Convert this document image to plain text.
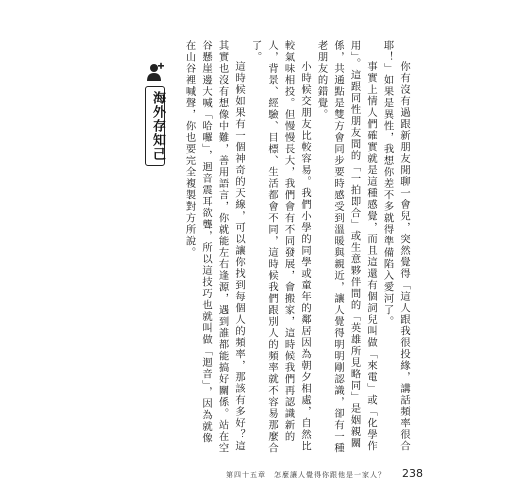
海外存知己	你有沒有過跟新朋友閒聊一會兒，突然覺得「這人跟我很投緣，講話頻率很合耶！」如果是異性，我想你差不多就得準備陷入愛河了。

事實上情人們確實就是這種感覺，而且這還有個詞兒叫做「來電」或「化學作用」。這跟同性朋友間的「一拍即合」或生意夥伴間的「英雄所見略同」是姻親關係，共通點是雙方會同步要時感受到溫暖與親近，讓人覺得明明剛認識，卻有一種老朋友的錯覺。

小時候交朋友比較容易。我們小學的同學或童年的鄰居因為朝夕相處，自然比較氣味相投。但慢慢長大，我們會有不同發展，會搬家，這時候我們再認識新的人，背景、經驗、目標、生活都會不同，這時候我們跟別人的頻率就不容易那麼合了。

這時候如果有一個神奇的天線，可以讓你找到每個人的頻率，那該有多好？這其實也沒有想像中難，善用語言，你就能左右逢源，遇到誰都能搞好關係。站在空谷懸崖邊大喊「哈囉」，迴音震耳欲聾，所以這技巧也就叫做「迴音」，因為就像在山谷裡喊聲，你也要完全複製對方所說。

第四十五章　怎麼讓人覺得你跟他是一家人？ 238
